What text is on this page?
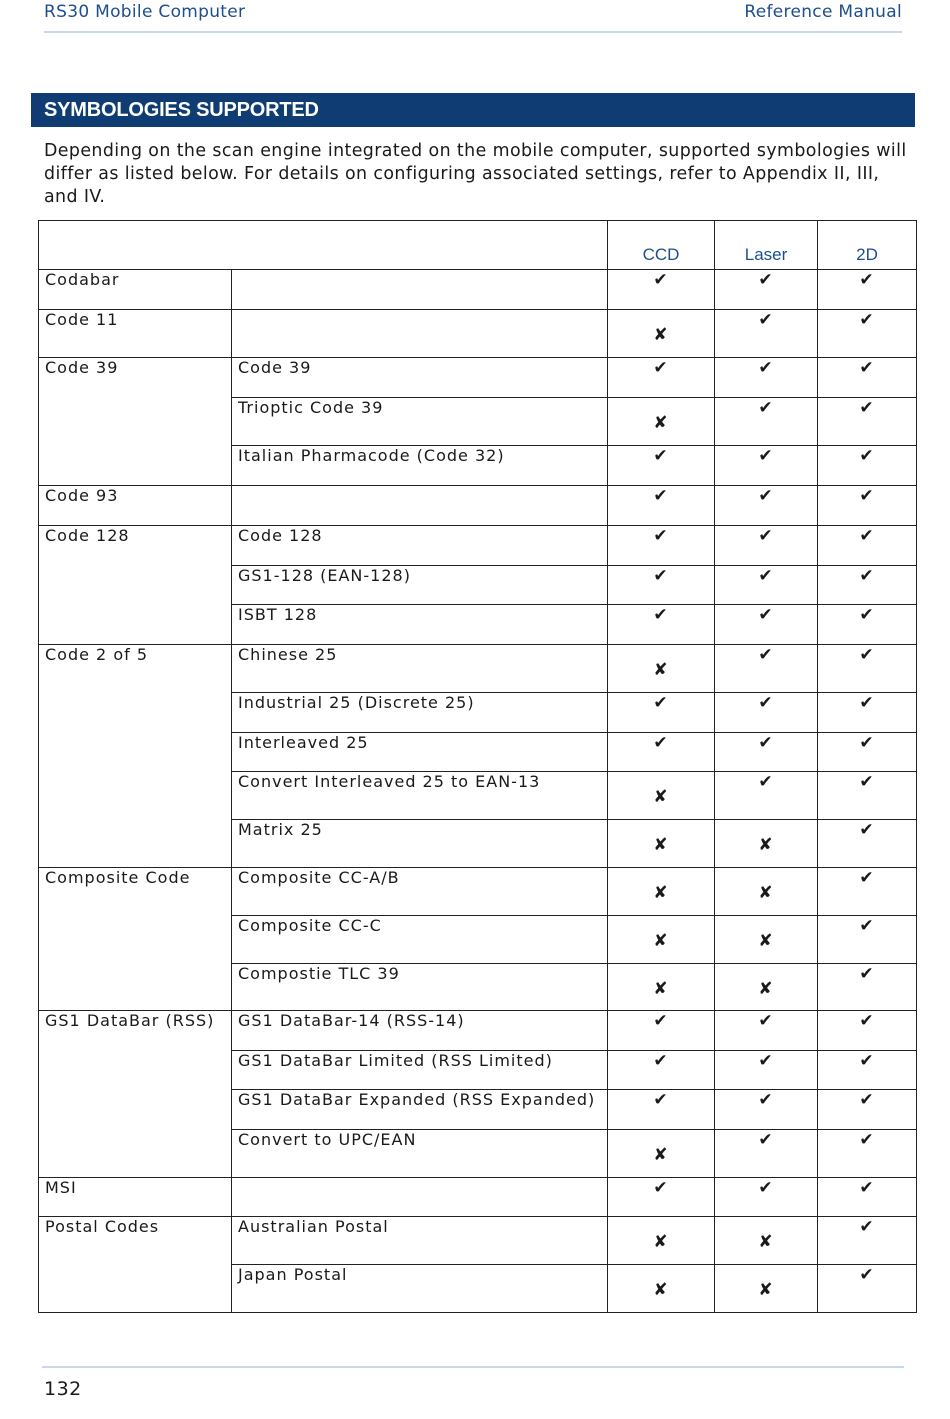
RS30 Mobile Computer	Reference Manual
SYMBOLOGIES SUPPORTED

Depending on the scan engine integrated on the mobile computer, supported symbologies will differ as listed below. For details on configuring associated settings, refer to Appendix II, III, and IV.

		CCD	Laser	2D
Codabar		✔	✔	✔
Code 11		✘	✔	✔
Code 39	Code 39	✔	✔	✔
	Trioptic Code 39	✘	✔	✔
	Italian Pharmacode (Code 32)	✔	✔	✔
Code 93		✔	✔	✔
Code 128	Code 128	✔	✔	✔
	GS1-128 (EAN-128)	✔	✔	✔
	ISBT 128	✔	✔	✔
Code 2 of 5	Chinese 25	✘	✔	✔
	Industrial 25 (Discrete 25)	✔	✔	✔
	Interleaved 25	✔	✔	✔
	Convert Interleaved 25 to EAN-13	✘	✔	✔
	Matrix 25	✘	✘	✔
Composite Code	Composite CC-A/B	✘	✘	✔
	Composite CC-C	✘	✘	✔
	Compostie TLC 39	✘	✘	✔
GS1 DataBar (RSS)	GS1 DataBar-14 (RSS-14)	✔	✔	✔
	GS1 DataBar Limited (RSS Limited)	✔	✔	✔
	GS1 DataBar Expanded (RSS Expanded)	✔	✔	✔
	Convert to UPC/EAN	✘	✔	✔
MSI		✔	✔	✔
Postal Codes	Australian Postal	✘	✘	✔
	Japan Postal	✘	✘	✔
132
